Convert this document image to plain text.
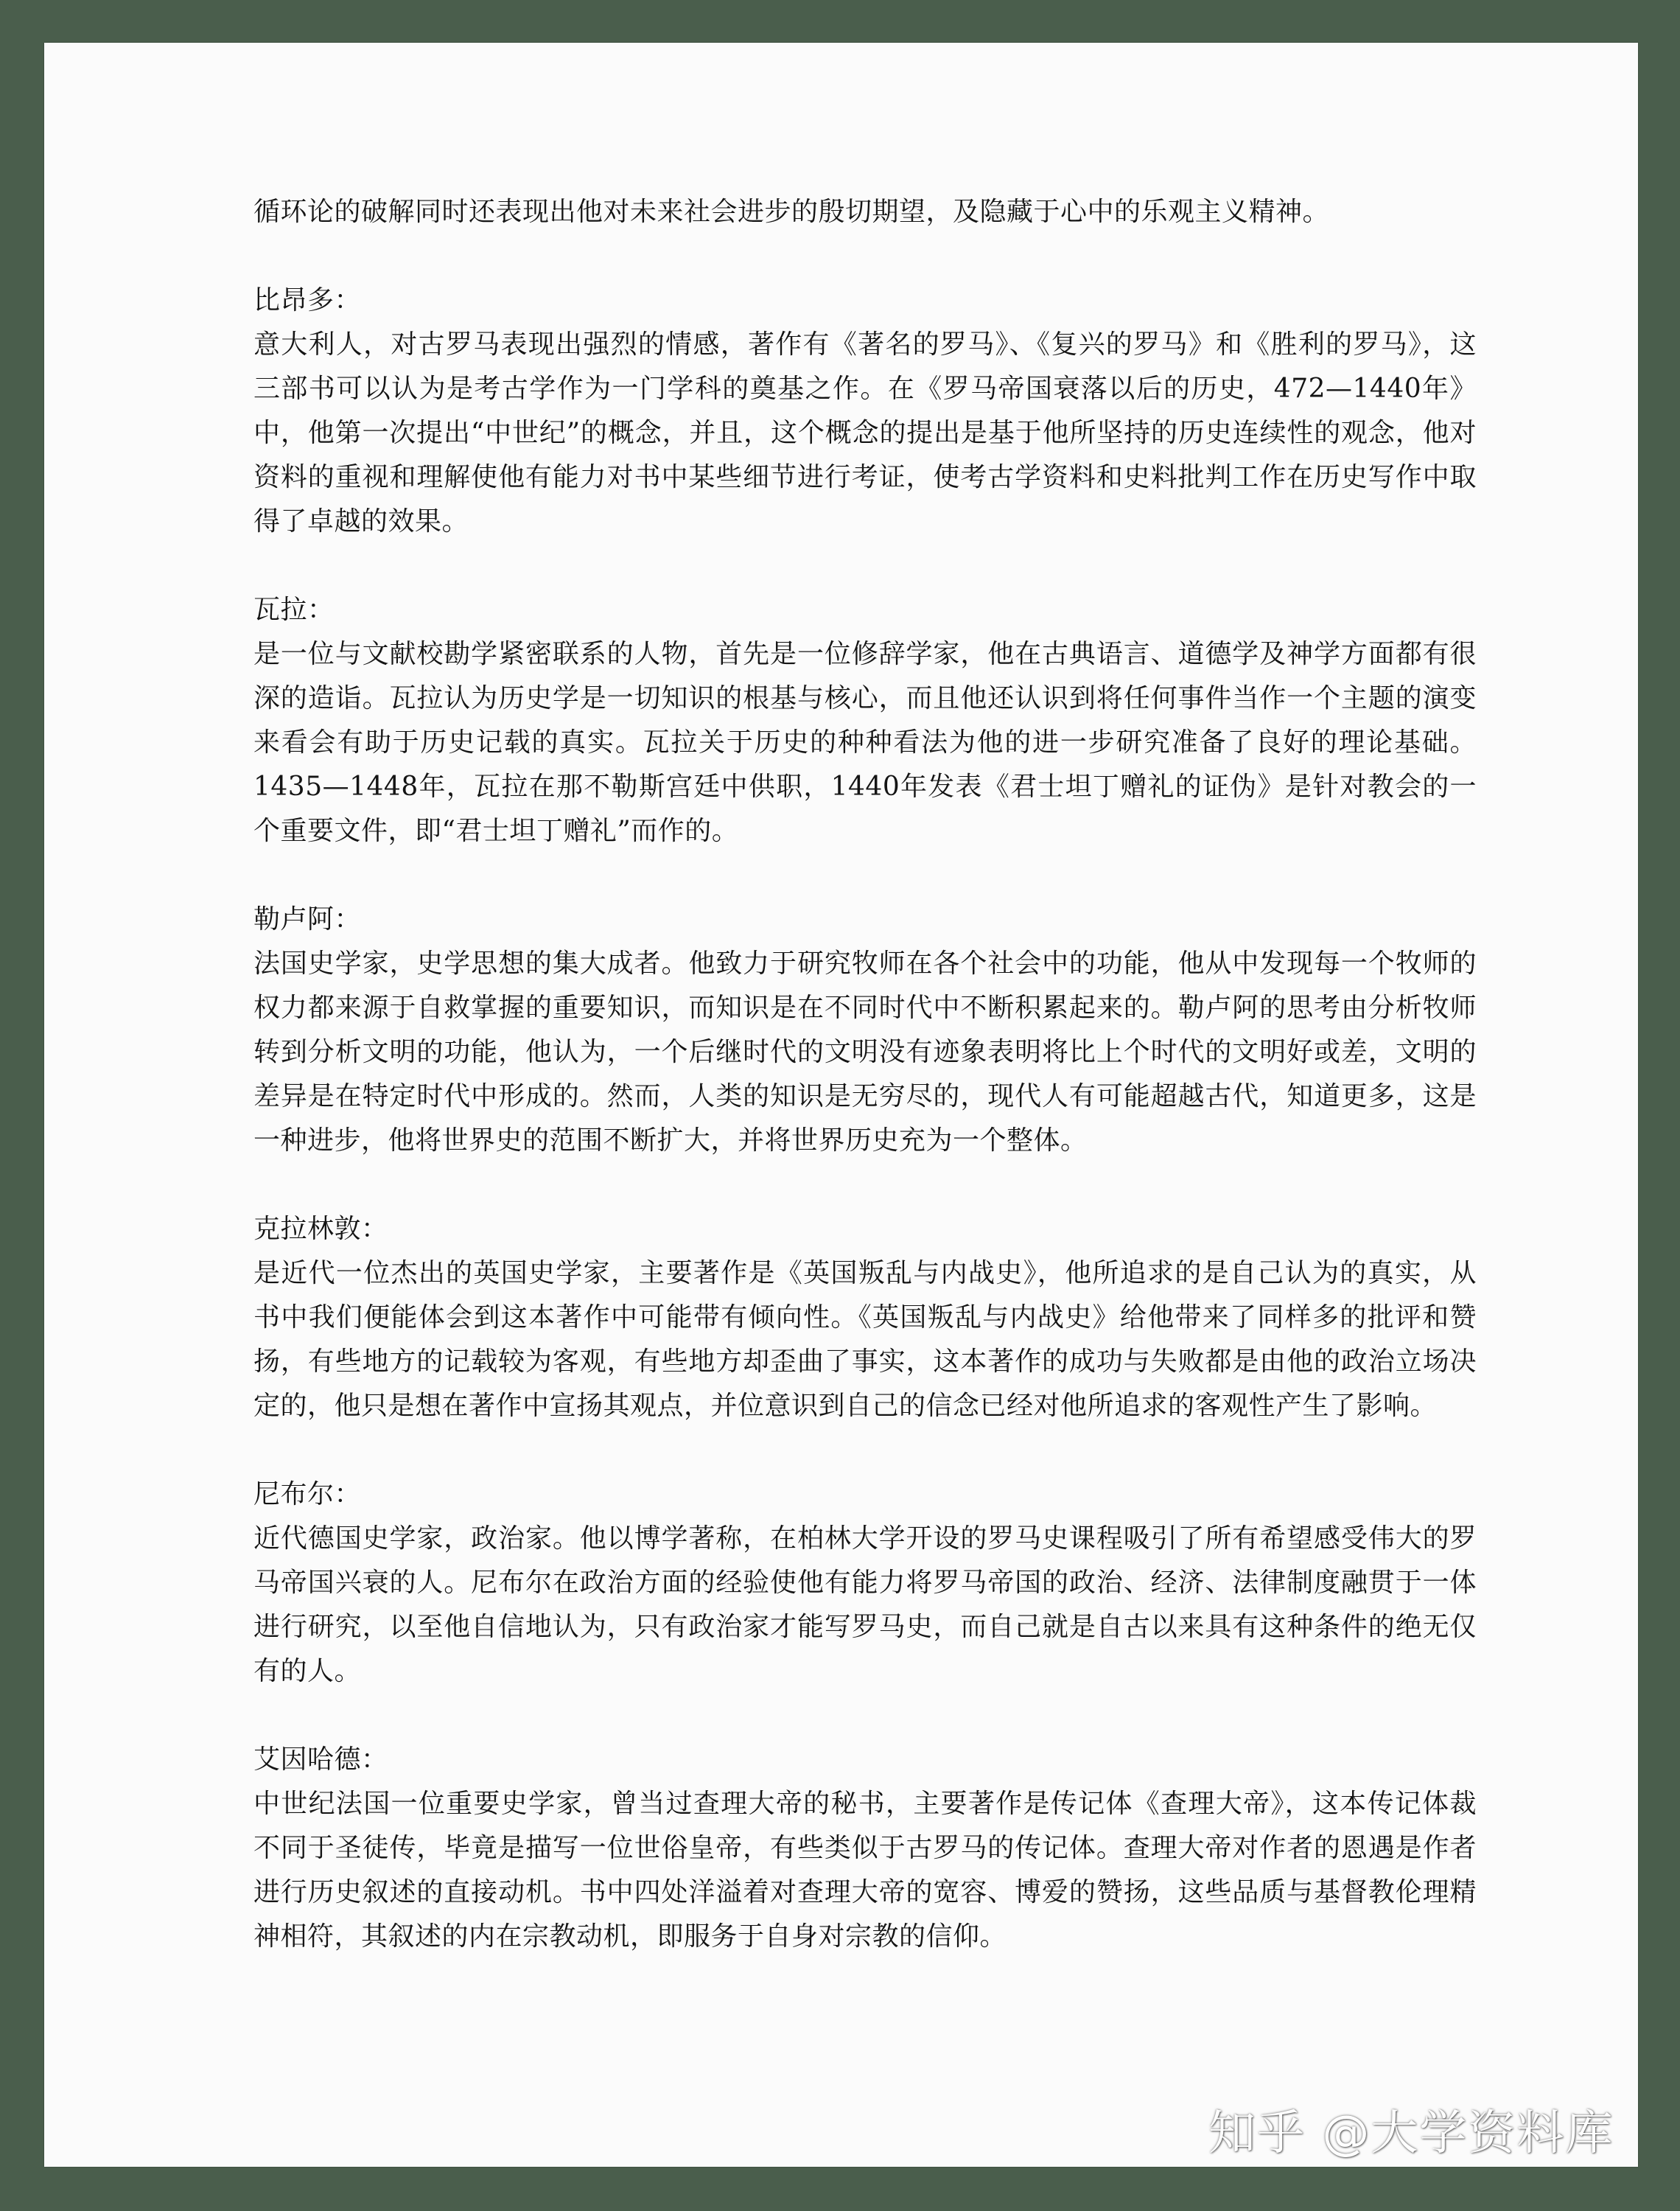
循环论的破解同时还表现出他对未来社会进步的殷切期望，及隐藏于心中的乐观主义精神。

比昂多：

意大利人，对古罗马表现出强烈的情感，著作有《著名的罗马》、《复兴的罗马》和《胜利的罗马》，这三部书可以认为是考古学作为一门学科的奠基之作。在《罗马帝国衰落以后的历史，472—1440年》中，他第一次提出“中世纪”的概念，并且，这个概念的提出是基于他所坚持的历史连续性的观念，他对资料的重视和理解使他有能力对书中某些细节进行考证，使考古学资料和史料批判工作在历史写作中取得了卓越的效果。

瓦拉：

是一位与文献校勘学紧密联系的人物，首先是一位修辞学家，他在古典语言、道德学及神学方面都有很深的造诣。瓦拉认为历史学是一切知识的根基与核心，而且他还认识到将任何事件当作一个主题的演变来看会有助于历史记载的真实。瓦拉关于历史的种种看法为他的进一步研究准备了良好的理论基础。1435—1448年，瓦拉在那不勒斯宫廷中供职，1440年发表《君士坦丁赠礼的证伪》是针对教会的一个重要文件，即“君士坦丁赠礼”而作的。

勒卢阿：

法国史学家，史学思想的集大成者。他致力于研究牧师在各个社会中的功能，他从中发现每一个牧师的权力都来源于自救掌握的重要知识，而知识是在不同时代中不断积累起来的。勒卢阿的思考由分析牧师转到分析文明的功能，他认为，一个后继时代的文明没有迹象表明将比上个时代的文明好或差，文明的差异是在特定时代中形成的。然而，人类的知识是无穷尽的，现代人有可能超越古代，知道更多，这是一种进步，他将世界史的范围不断扩大，并将世界历史充为一个整体。

克拉林敦：

是近代一位杰出的英国史学家，主要著作是《英国叛乱与内战史》，他所追求的是自己认为的真实，从书中我们便能体会到这本著作中可能带有倾向性。《英国叛乱与内战史》给他带来了同样多的批评和赞扬，有些地方的记载较为客观，有些地方却歪曲了事实，这本著作的成功与失败都是由他的政治立场决定的，他只是想在著作中宣扬其观点，并位意识到自己的信念已经对他所追求的客观性产生了影响。

尼布尔：

近代德国史学家，政治家。他以博学著称，在柏林大学开设的罗马史课程吸引了所有希望感受伟大的罗马帝国兴衰的人。尼布尔在政治方面的经验使他有能力将罗马帝国的政治、经济、法律制度融贯于一体进行研究，以至他自信地认为，只有政治家才能写罗马史，而自己就是自古以来具有这种条件的绝无仅有的人。

艾因哈德：

中世纪法国一位重要史学家，曾当过查理大帝的秘书，主要著作是传记体《查理大帝》，这本传记体裁不同于圣徒传，毕竟是描写一位世俗皇帝，有些类似于古罗马的传记体。查理大帝对作者的恩遇是作者进行历史叙述的直接动机。书中四处洋溢着对查理大帝的宽容、博爱的赞扬，这些品质与基督教伦理精神相符，其叙述的内在宗教动机，即服务于自身对宗教的信仰。

知乎 @大学资料库
